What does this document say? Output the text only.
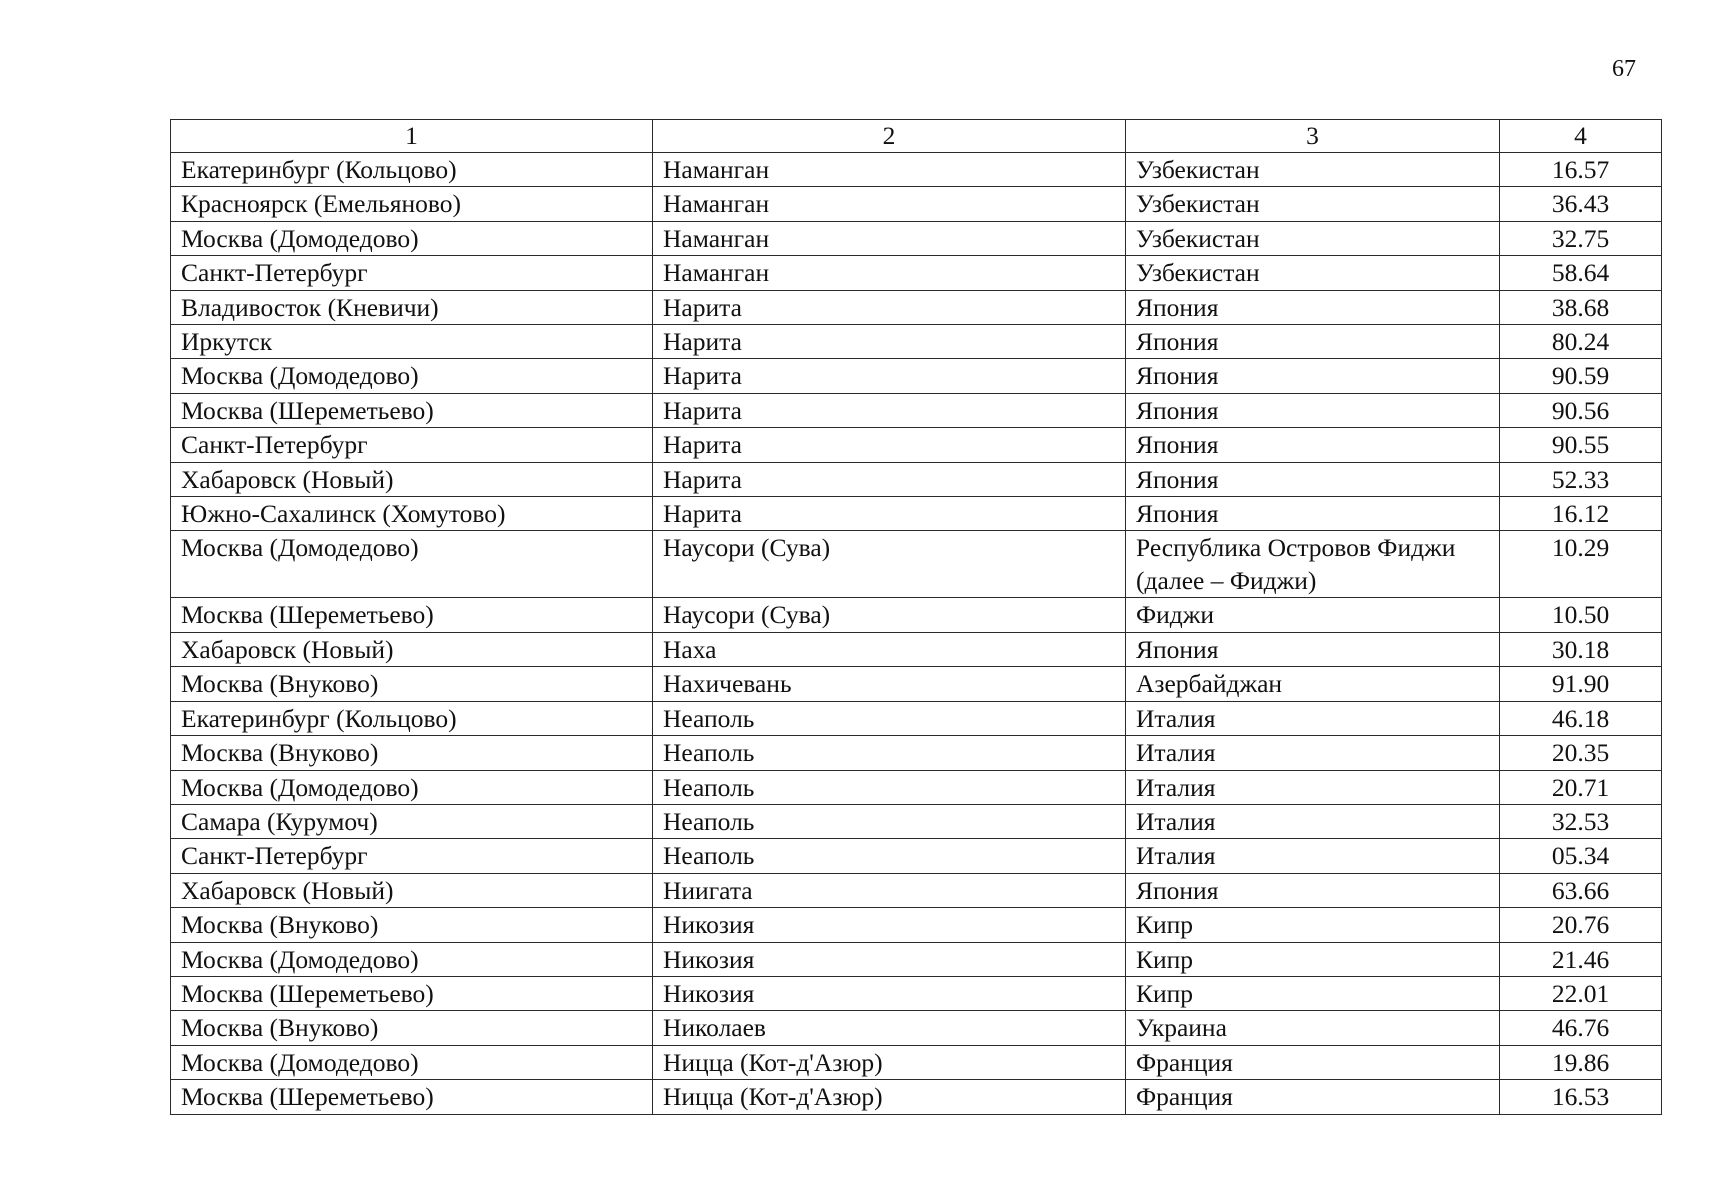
67
1	2	3	4
Екатеринбург (Кольцово)	Наманган	Узбекистан	16.57
Красноярск (Емельяново)	Наманган	Узбекистан	36.43
Москва (Домодедово)	Наманган	Узбекистан	32.75
Санкт-Петербург	Наманган	Узбекистан	58.64
Владивосток (Кневичи)	Нарита	Япония	38.68
Иркутск	Нарита	Япония	80.24
Москва (Домодедово)	Нарита	Япония	90.59
Москва (Шереметьево)	Нарита	Япония	90.56
Санкт-Петербург	Нарита	Япония	90.55
Хабаровск (Новый)	Нарита	Япония	52.33
Южно-Сахалинск (Хомутово)	Нарита	Япония	16.12
Москва (Домодедово)	Наусори (Сува)	Республика Островов Фиджи (далее – Фиджи)	10.29
Москва (Шереметьево)	Наусори (Сува)	Фиджи	10.50
Хабаровск (Новый)	Наха	Япония	30.18
Москва (Внуково)	Нахичевань	Азербайджан	91.90
Екатеринбург (Кольцово)	Неаполь	Италия	46.18
Москва (Внуково)	Неаполь	Италия	20.35
Москва (Домодедово)	Неаполь	Италия	20.71
Самара (Курумоч)	Неаполь	Италия	32.53
Санкт-Петербург	Неаполь	Италия	05.34
Хабаровск (Новый)	Ниигата	Япония	63.66
Москва (Внуково)	Никозия	Кипр	20.76
Москва (Домодедово)	Никозия	Кипр	21.46
Москва (Шереметьево)	Никозия	Кипр	22.01
Москва (Внуково)	Николаев	Украина	46.76
Москва (Домодедово)	Ницца (Кот-д'Азюр)	Франция	19.86
Москва (Шереметьево)	Ницца (Кот-д'Азюр)	Франция	16.53
